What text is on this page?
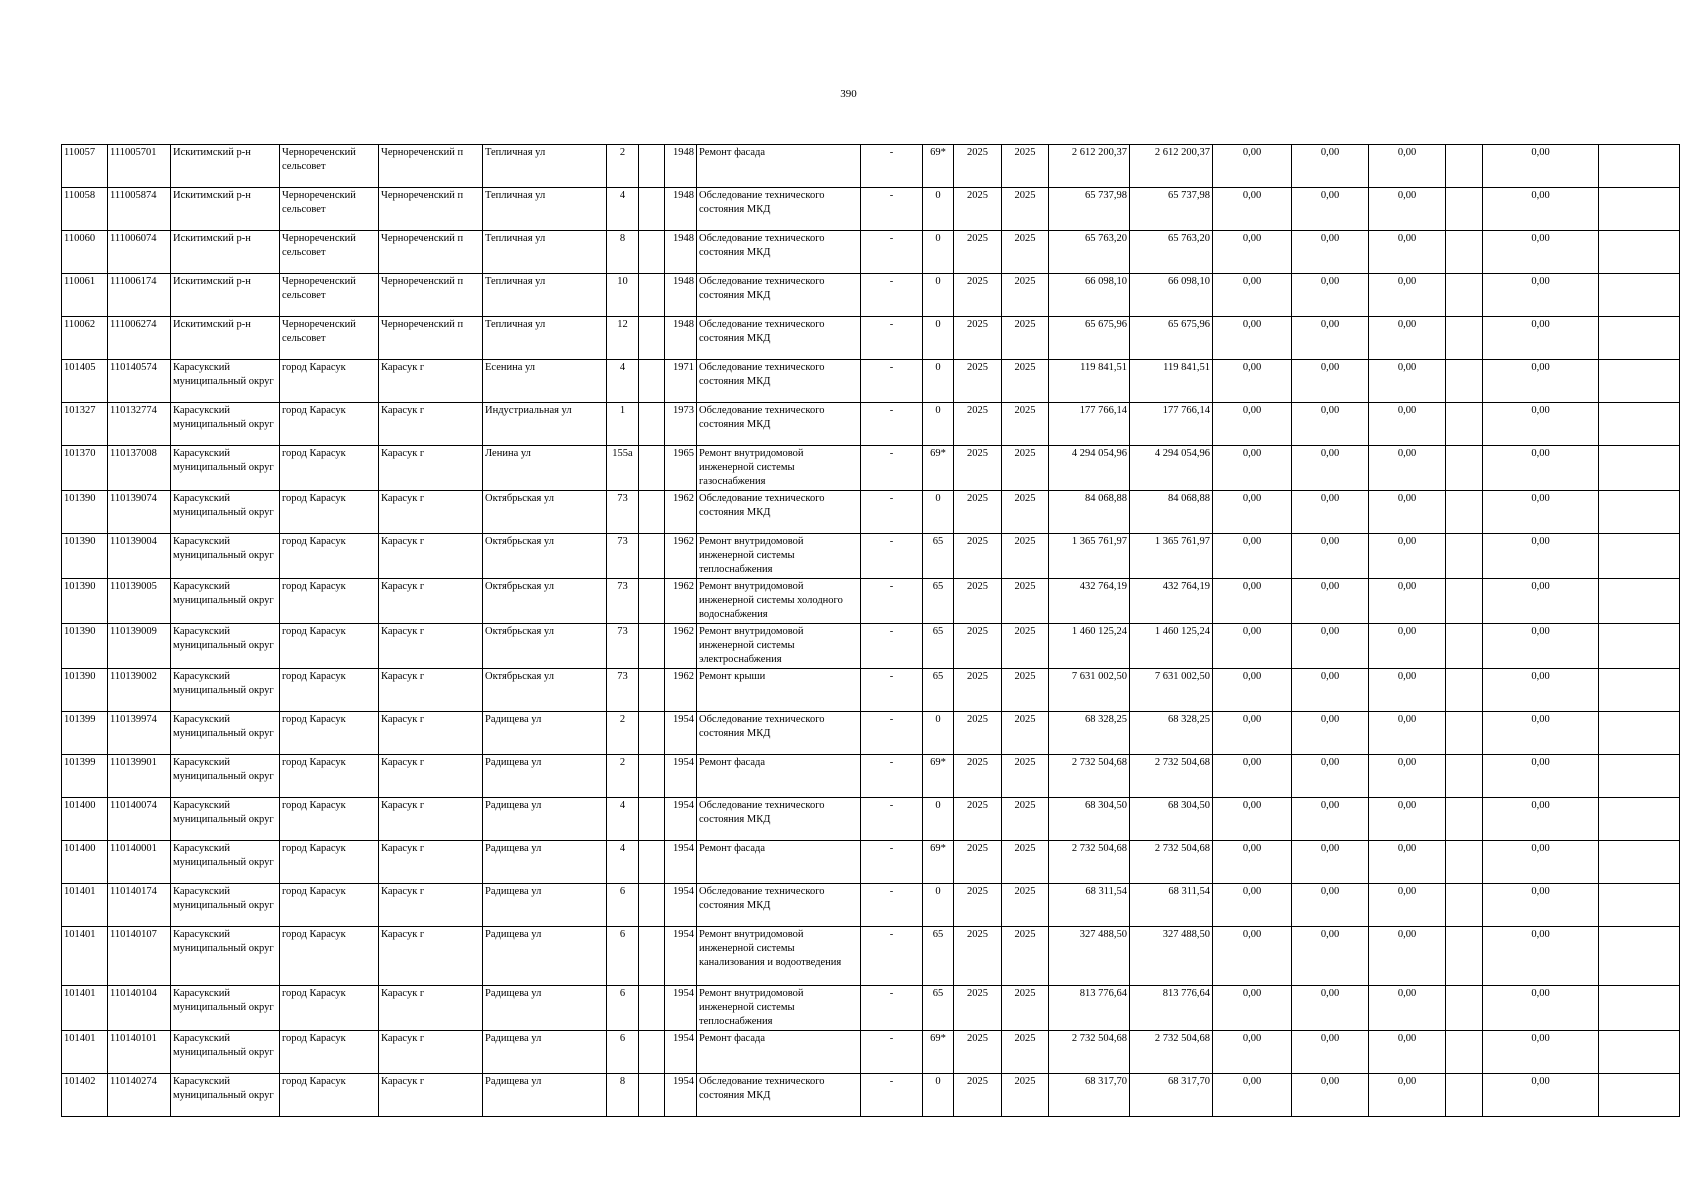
390
110057	111005701	Искитимский р-н	Чернореченский сельсовет	Чернореченский п	Тепличная ул	2		1948	Ремонт фасада	-	69*	2025	2025	2 612 200,37	2 612 200,37	0,00	0,00	0,00		0,00	
110058	111005874	Искитимский р-н	Чернореченский сельсовет	Чернореченский п	Тепличная ул	4		1948	Обследование технического состояния МКД	-	0	2025	2025	65 737,98	65 737,98	0,00	0,00	0,00		0,00	
110060	111006074	Искитимский р-н	Чернореченский сельсовет	Чернореченский п	Тепличная ул	8		1948	Обследование технического состояния МКД	-	0	2025	2025	65 763,20	65 763,20	0,00	0,00	0,00		0,00	
110061	111006174	Искитимский р-н	Чернореченский сельсовет	Чернореченский п	Тепличная ул	10		1948	Обследование технического состояния МКД	-	0	2025	2025	66 098,10	66 098,10	0,00	0,00	0,00		0,00	
110062	111006274	Искитимский р-н	Чернореченский сельсовет	Чернореченский п	Тепличная ул	12		1948	Обследование технического состояния МКД	-	0	2025	2025	65 675,96	65 675,96	0,00	0,00	0,00		0,00	
101405	110140574	Карасукский муниципальный округ	город Карасук	Карасук г	Есенина ул	4		1971	Обследование технического состояния МКД	-	0	2025	2025	119 841,51	119 841,51	0,00	0,00	0,00		0,00	
101327	110132774	Карасукский муниципальный округ	город Карасук	Карасук г	Индустриальная ул	1		1973	Обследование технического состояния МКД	-	0	2025	2025	177 766,14	177 766,14	0,00	0,00	0,00		0,00	
101370	110137008	Карасукский муниципальный округ	город Карасук	Карасук г	Ленина ул	155а		1965	Ремонт внутридомовой инженерной системы газоснабжения	-	69*	2025	2025	4 294 054,96	4 294 054,96	0,00	0,00	0,00		0,00	
101390	110139074	Карасукский муниципальный округ	город Карасук	Карасук г	Октябрьская ул	73		1962	Обследование технического состояния МКД	-	0	2025	2025	84 068,88	84 068,88	0,00	0,00	0,00		0,00	
101390	110139004	Карасукский муниципальный округ	город Карасук	Карасук г	Октябрьская ул	73		1962	Ремонт внутридомовой инженерной системы теплоснабжения	-	65	2025	2025	1 365 761,97	1 365 761,97	0,00	0,00	0,00		0,00	
101390	110139005	Карасукский муниципальный округ	город Карасук	Карасук г	Октябрьская ул	73		1962	Ремонт внутридомовой инженерной системы холодного водоснабжения	-	65	2025	2025	432 764,19	432 764,19	0,00	0,00	0,00		0,00	
101390	110139009	Карасукский муниципальный округ	город Карасук	Карасук г	Октябрьская ул	73		1962	Ремонт внутридомовой инженерной системы электроснабжения	-	65	2025	2025	1 460 125,24	1 460 125,24	0,00	0,00	0,00		0,00	
101390	110139002	Карасукский муниципальный округ	город Карасук	Карасук г	Октябрьская ул	73		1962	Ремонт крыши	-	65	2025	2025	7 631 002,50	7 631 002,50	0,00	0,00	0,00		0,00	
101399	110139974	Карасукский муниципальный округ	город Карасук	Карасук г	Радищева ул	2		1954	Обследование технического состояния МКД	-	0	2025	2025	68 328,25	68 328,25	0,00	0,00	0,00		0,00	
101399	110139901	Карасукский муниципальный округ	город Карасук	Карасук г	Радищева ул	2		1954	Ремонт фасада	-	69*	2025	2025	2 732 504,68	2 732 504,68	0,00	0,00	0,00		0,00	
101400	110140074	Карасукский муниципальный округ	город Карасук	Карасук г	Радищева ул	4		1954	Обследование технического состояния МКД	-	0	2025	2025	68 304,50	68 304,50	0,00	0,00	0,00		0,00	
101400	110140001	Карасукский муниципальный округ	город Карасук	Карасук г	Радищева ул	4		1954	Ремонт фасада	-	69*	2025	2025	2 732 504,68	2 732 504,68	0,00	0,00	0,00		0,00	
101401	110140174	Карасукский муниципальный округ	город Карасук	Карасук г	Радищева ул	6		1954	Обследование технического состояния МКД	-	0	2025	2025	68 311,54	68 311,54	0,00	0,00	0,00		0,00	
101401	110140107	Карасукский муниципальный округ	город Карасук	Карасук г	Радищева ул	6		1954	Ремонт внутридомовой инженерной системы канализования и водоотведения	-	65	2025	2025	327 488,50	327 488,50	0,00	0,00	0,00		0,00	
101401	110140104	Карасукский муниципальный округ	город Карасук	Карасук г	Радищева ул	6		1954	Ремонт внутридомовой инженерной системы теплоснабжения	-	65	2025	2025	813 776,64	813 776,64	0,00	0,00	0,00		0,00	
101401	110140101	Карасукский муниципальный округ	город Карасук	Карасук г	Радищева ул	6		1954	Ремонт фасада	-	69*	2025	2025	2 732 504,68	2 732 504,68	0,00	0,00	0,00		0,00	
101402	110140274	Карасукский муниципальный округ	город Карасук	Карасук г	Радищева ул	8		1954	Обследование технического состояния МКД	-	0	2025	2025	68 317,70	68 317,70	0,00	0,00	0,00		0,00	
